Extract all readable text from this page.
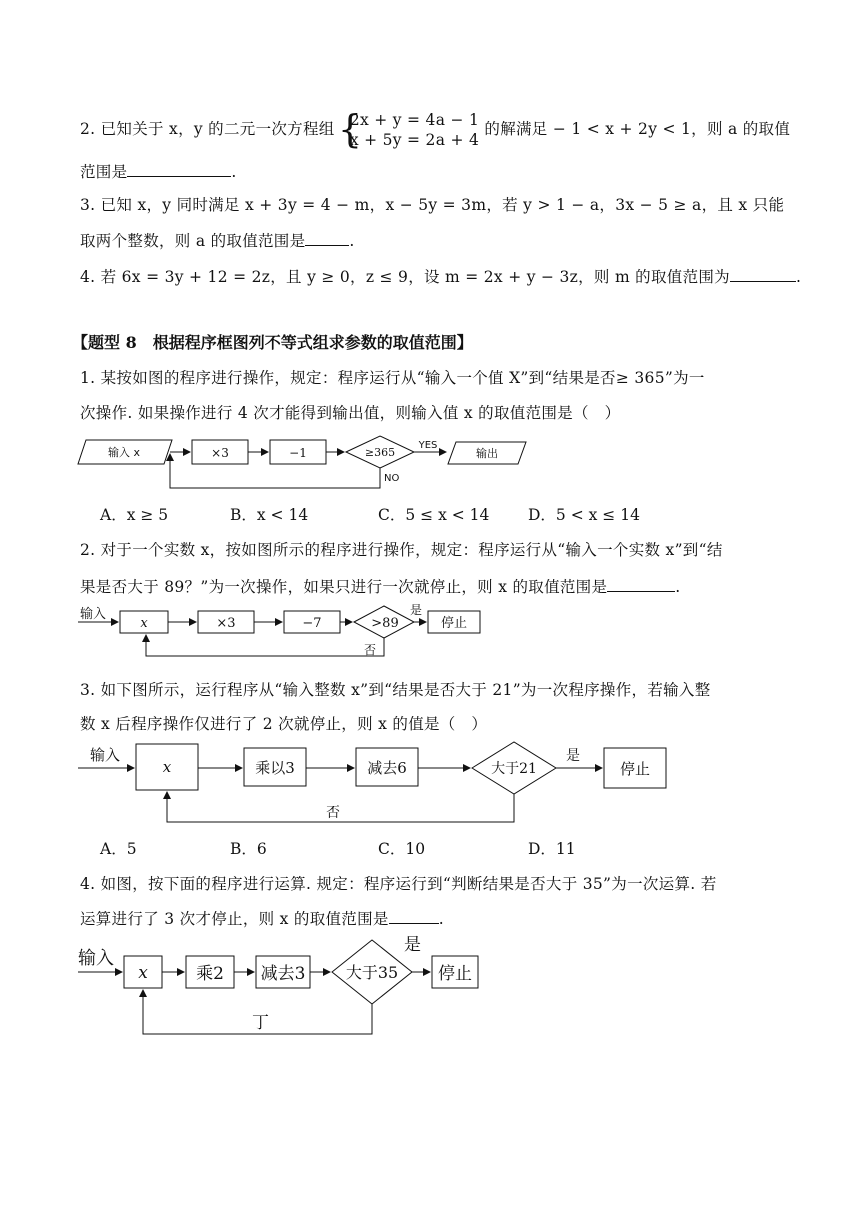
2. 已知关于 x，y 的二元一次方程组 {
2x + y = 4a − 1
x + 5y = 2a + 4
的解满足 − 1 < x + 2y < 1，则 a 的取值
范围是	.
3. 已知 x，y 同时满足 x + 3y = 4 − m，x − 5y = 3m，若 y > 1 − a，3x − 5 ≥ a，且 x 只能
取两个整数，则 a 的取值范围是	.
4. 若 6x = 3y + 12 = 2z，且 y ≥ 0，z ≤ 9，设 m = 2x + y − 3z，则 m 的取值范围为	.
【题型 8　根据程序框图列不等式组求参数的取值范围】
1. 某按如图的程序进行操作，规定：程序运行从“输入一个值 X”到“结果是否≥ 365”为一
次操作. 如果操作进行 4 次才能得到输出值，则输入值 x 的取值范围是（　）
输入 x	×3	−1	≥365
YES
输出
NO
A．x ≥ 5	B．x < 14	C．5 ≤ x < 14 D．5 < x ≤ 14
2. 对于一个实数 x，按如图所示的程序进行操作，规定：程序运行从“输入一个实数 x”到“结
果是否大于 89？”为一次操作，如果只进行一次就停止，则 x 的取值范围是	.
输入
x	×3	−7	>89
是
停止
否
3. 如下图所示，运行程序从“输入整数 x”到“结果是否大于 21”为一次程序操作，若输入整
数 x 后程序操作仅进行了 2 次就停止，则 x 的值是（　）
输入
x	乘以3	减去6	大于21
是
停止
否
A．5	B．6	C．10	D．11
4. 如图，按下面的程序进行运算. 规定：程序运行到“判断结果是否大于 35”为一次运算. 若
运算进行了 3 次才停止，则 x 的取值范围是	.
输入
x	乘2 减去3	大于35
是
停止
丁
